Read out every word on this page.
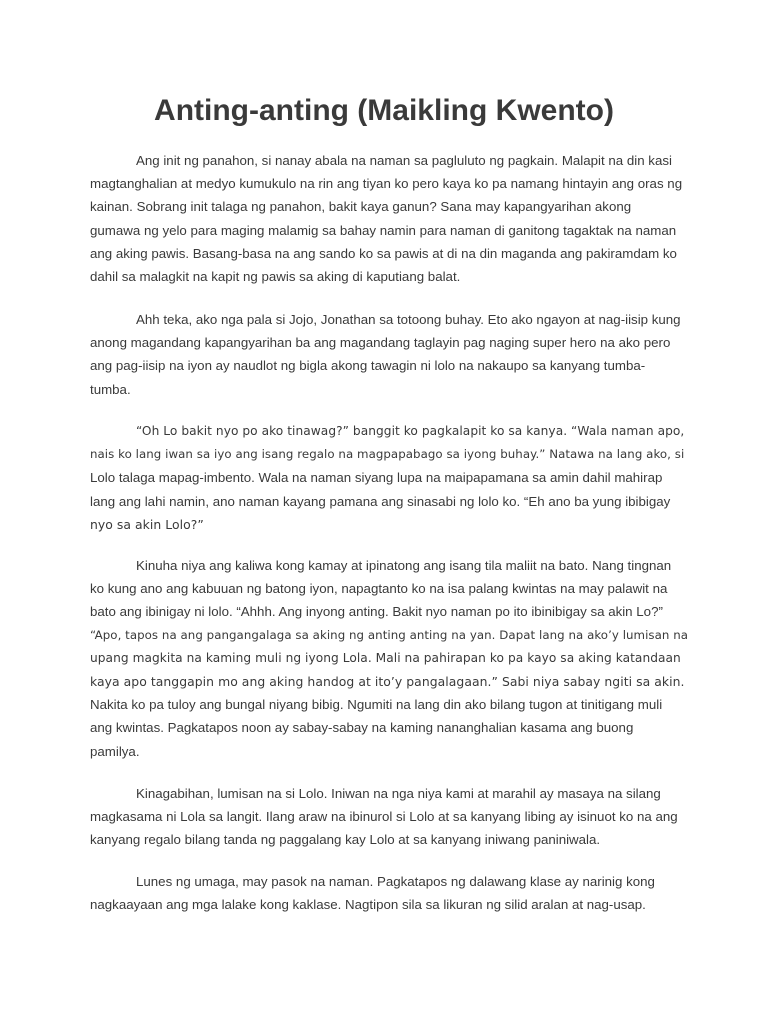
Anting-anting (Maikling Kwento)

Ang init ng panahon, si nanay abala na naman sa pagluluto ng pagkain. Malapit na din kasi
magtanghalian at medyo kumukulo na rin ang tiyan ko pero kaya ko pa namang hintayin ang oras ng
kainan. Sobrang init talaga ng panahon, bakit kaya ganun? Sana may kapangyarihan akong
gumawa ng yelo para maging malamig sa bahay namin para naman di ganitong tagaktak na naman
ang aking pawis. Basang-basa na ang sando ko sa pawis at di na din maganda ang pakiramdam ko
dahil sa malagkit na kapit ng pawis sa aking di kaputiang balat.

Ahh teka, ako nga pala si Jojo, Jonathan sa totoong buhay. Eto ako ngayon at nag-iisip kung
anong magandang kapangyarihan ba ang magandang taglayin pag naging super hero na ako pero
ang pag-iisip na iyon ay naudlot ng bigla akong tawagin ni lolo na nakaupo sa kanyang tumba-
tumba.

“Oh Lo bakit nyo po ako tinawag?” banggit ko pagkalapit ko sa kanya. “Wala naman apo,
nais ko lang iwan sa iyo ang isang regalo na magpapabago sa iyong buhay.” Natawa na lang ako, si
Lolo talaga mapag-imbento. Wala na naman siyang lupa na maipapamana sa amin dahil mahirap
lang ang lahi namin, ano naman kayang pamana ang sinasabi ng lolo ko. “Eh ano ba yung ibibigay
nyo sa akin Lolo?”

Kinuha niya ang kaliwa kong kamay at ipinatong ang isang tila maliit na bato. Nang tingnan
ko kung ano ang kabuuan ng batong iyon, napagtanto ko na isa palang kwintas na may palawit na
bato ang ibinigay ni lolo. “Ahhh. Ang inyong anting. Bakit nyo naman po ito ibinibigay sa akin Lo?”
“Apo, tapos na ang pangangalaga sa aking ng anting anting na yan. Dapat lang na ako’y lumisan na
upang magkita na kaming muli ng iyong Lola. Mali na pahirapan ko pa kayo sa aking katandaan
kaya apo tanggapin mo ang aking handog at ito’y pangalagaan.” Sabi niya sabay ngiti sa akin.
Nakita ko pa tuloy ang bungal niyang bibig. Ngumiti na lang din ako bilang tugon at tinitigang muli
ang kwintas. Pagkatapos noon ay sabay-sabay na kaming nananghalian kasama ang buong
pamilya.

Kinagabihan, lumisan na si Lolo. Iniwan na nga niya kami at marahil ay masaya na silang
magkasama ni Lola sa langit. Ilang araw na ibinurol si Lolo at sa kanyang libing ay isinuot ko na ang
kanyang regalo bilang tanda ng paggalang kay Lolo at sa kanyang iniwang paniniwala.

Lunes ng umaga, may pasok na naman. Pagkatapos ng dalawang klase ay narinig kong
nagkaayaan ang mga lalake kong kaklase. Nagtipon sila sa likuran ng silid aralan at nag-usap.
